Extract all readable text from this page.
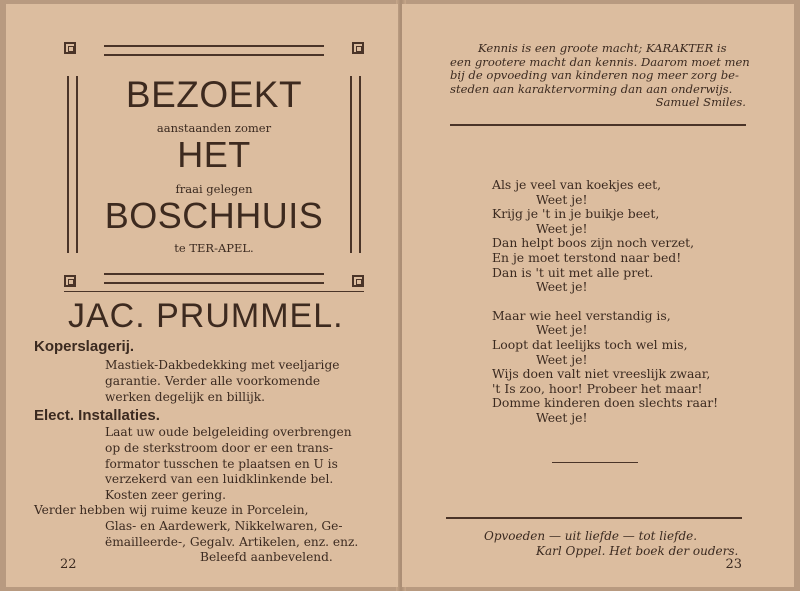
BEZOEKT
aanstaanden zomer
HET
fraai gelegen
BOSCHHUIS
te TER-APEL.
JAC. PRUMMEL.
Koperslagerij.
Mastiek-Dakbedekking met veeljarige
garantie. Verder alle voorkomende
werken degelijk en billijk.
Elect. Installaties.
Laat uw oude belgeleiding overbrengen
op de sterkstroom door er een trans-
formator tusschen te plaatsen en U is
verzekerd van een luidklinkende bel.
Kosten zeer gering.
Verder hebben wij ruime keuze in Porcelein,
Glas- en Aardewerk, Nikkelwaren, Ge-
ëmailleerde-, Gegalv. Artikelen, enz. enz.
Beleefd aanbevelend.
22
Kennis is een groote macht; KARAKTER is
een grootere macht dan kennis. Daarom moet men
bij de opvoeding van kinderen nog meer zorg be-
steden aan karaktervorming dan aan onderwijs.
Samuel Smiles.
Als je veel van koekjes eet,
Weet je!
Krijg je 't in je buikje beet,
Weet je!
Dan helpt boos zijn noch verzet,
En je moet terstond naar bed!
Dan is 't uit met alle pret.
Weet je!
Maar wie heel verstandig is,
Weet je!
Loopt dat leelijks toch wel mis,
Weet je!
Wijs doen valt niet vreeslijk zwaar,
't Is zoo, hoor! Probeer het maar!
Domme kinderen doen slechts raar!
Weet je!
Opvoeden — uit liefde — tot liefde.
Karl Oppel. Het boek der ouders.
23
